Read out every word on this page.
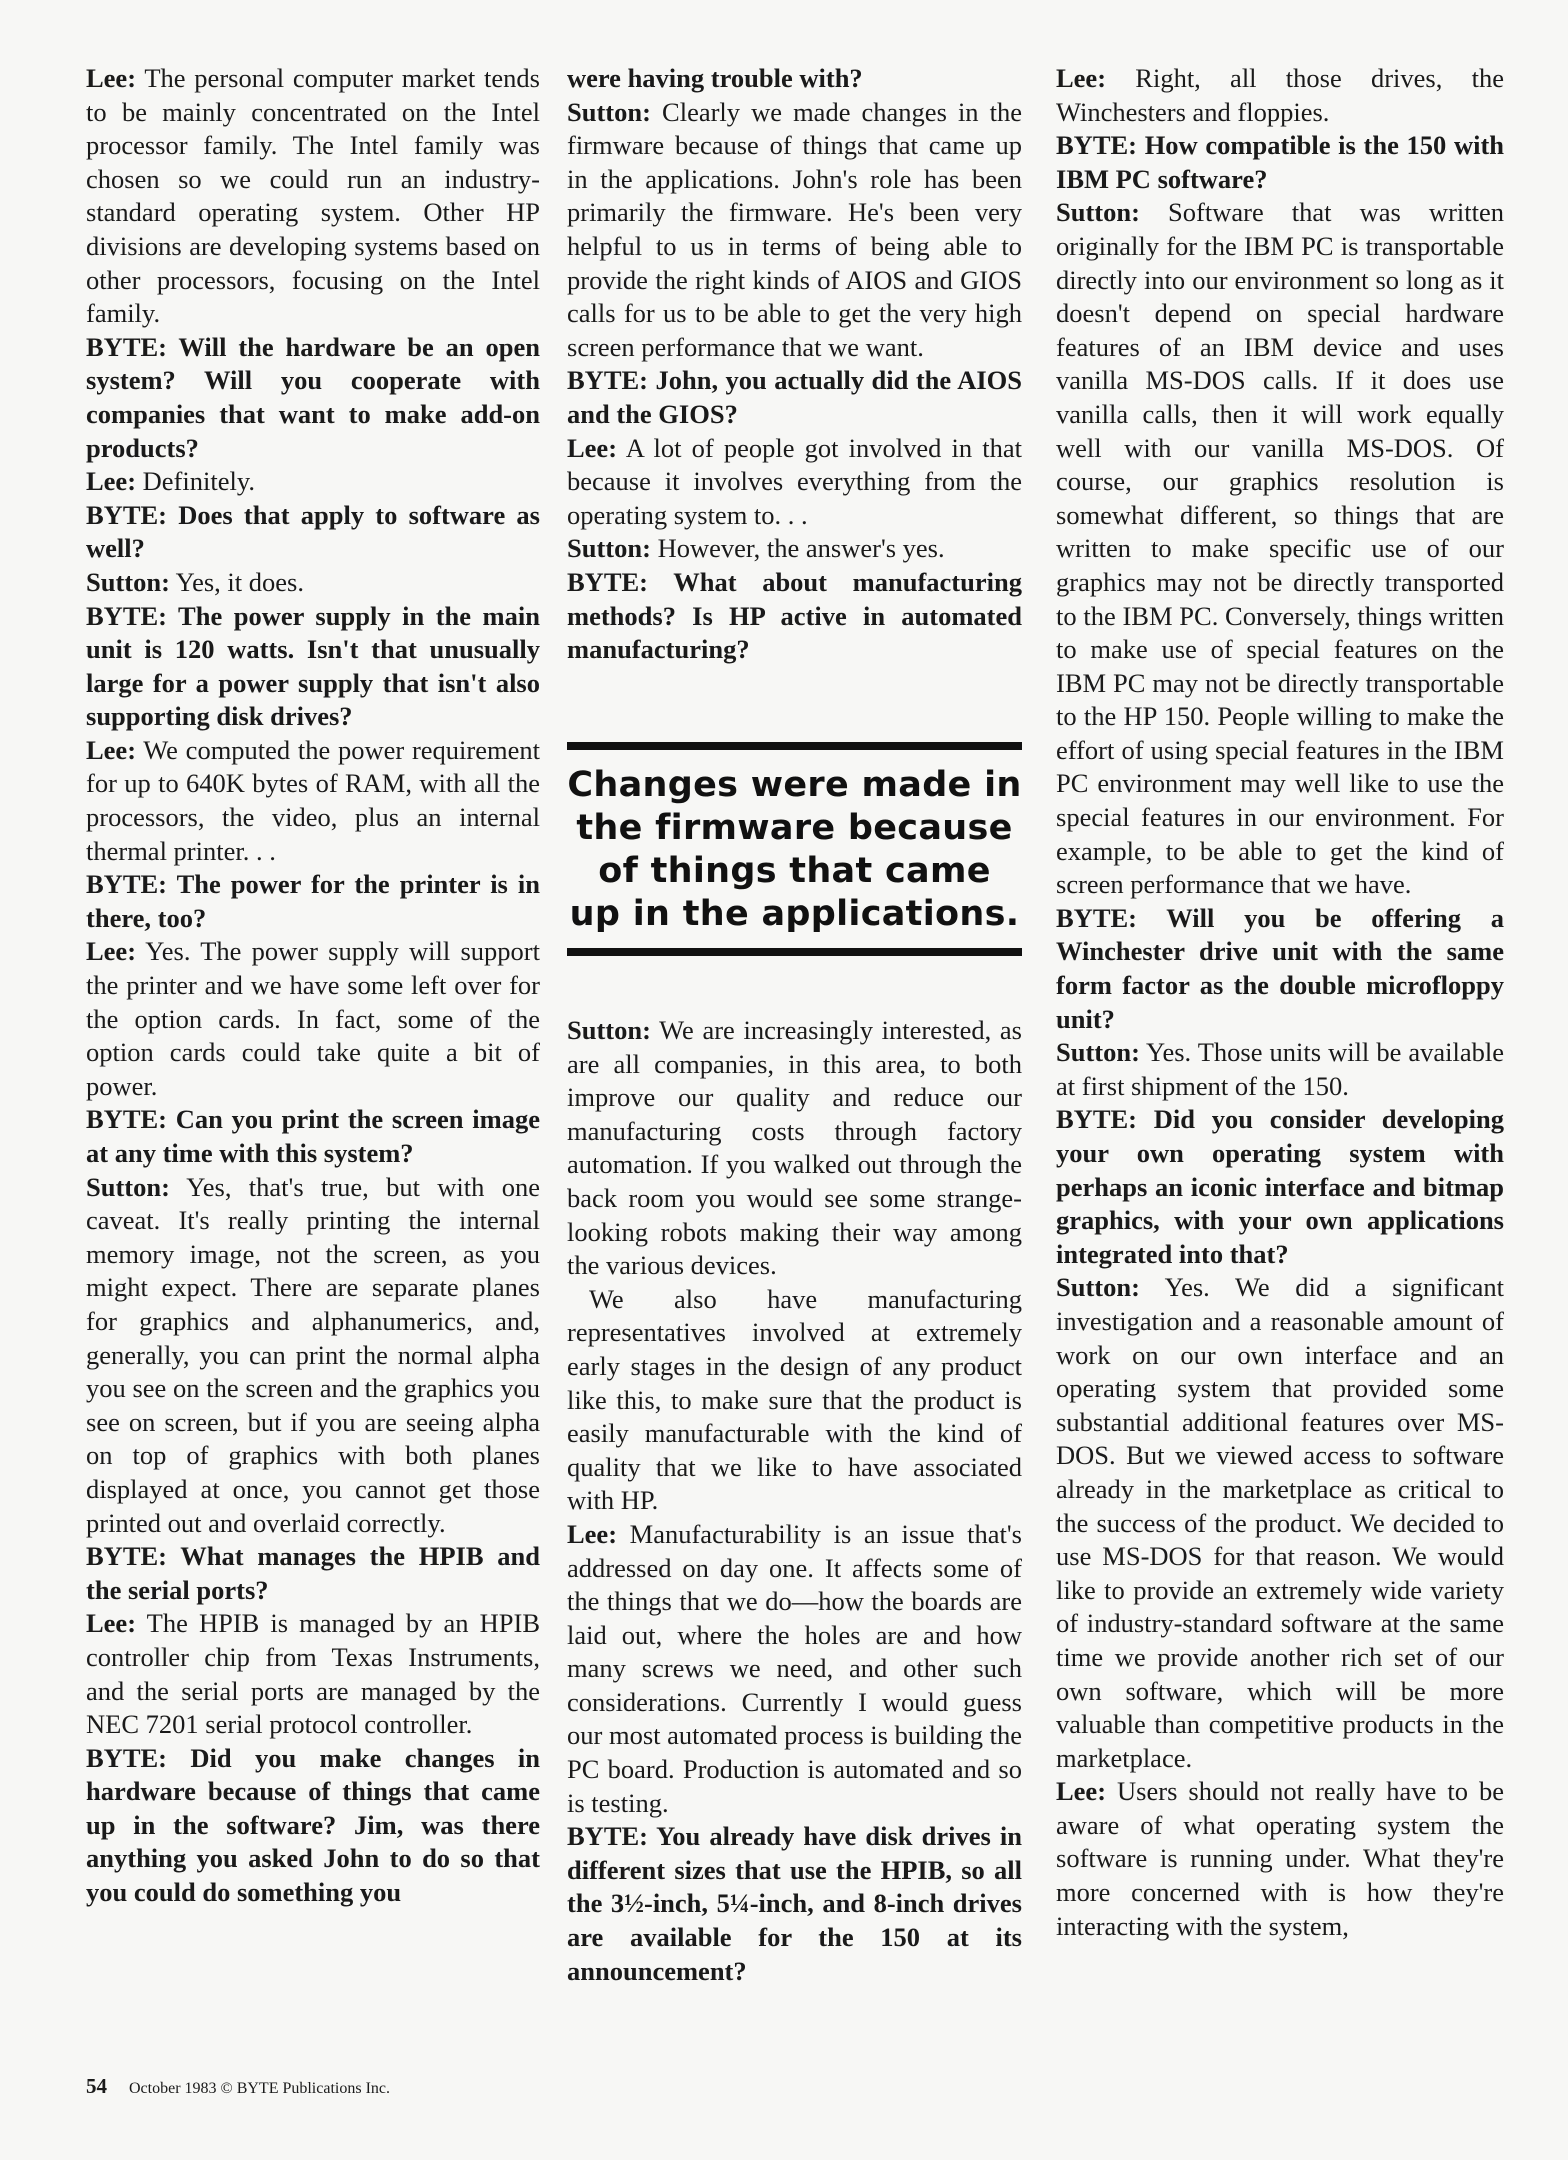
Lee: The personal computer market tends to be mainly concentrated on the Intel processor family. The Intel family was chosen so we could run an industry-standard operating system. Other HP divisions are developing systems based on other processors, focusing on the Intel family.

BYTE: Will the hardware be an open system? Will you cooperate with companies that want to make add-on products?

Lee: Definitely.

BYTE: Does that apply to software as well?

Sutton: Yes, it does.

BYTE: The power supply in the main unit is 120 watts. Isn't that unusually large for a power supply that isn't also supporting disk drives?

Lee: We computed the power requirement for up to 640K bytes of RAM, with all the processors, the video, plus an internal thermal printer. . .

BYTE: The power for the printer is in there, too?

Lee: Yes. The power supply will support the printer and we have some left over for the option cards. In fact, some of the option cards could take quite a bit of power.

BYTE: Can you print the screen image at any time with this system?

Sutton: Yes, that's true, but with one caveat. It's really printing the internal memory image, not the screen, as you might expect. There are separate planes for graphics and alphanumerics, and, generally, you can print the normal alpha you see on the screen and the graphics you see on screen, but if you are seeing alpha on top of graphics with both planes displayed at once, you cannot get those printed out and overlaid correctly.

BYTE: What manages the HPIB and the serial ports?

Lee: The HPIB is managed by an HPIB controller chip from Texas Instruments, and the serial ports are managed by the NEC 7201 serial protocol controller.

BYTE: Did you make changes in hardware because of things that came up in the software? Jim, was there anything you asked John to do so that you could do something you

were having trouble with?

Sutton: Clearly we made changes in the firmware because of things that came up in the applications. John's role has been primarily the firmware. He's been very helpful to us in terms of being able to provide the right kinds of AIOS and GIOS calls for us to be able to get the very high screen performance that we want.

BYTE: John, you actually did the AIOS and the GIOS?

Lee: A lot of people got involved in that because it involves everything from the operating system to. . .

Sutton: However, the answer's yes.

BYTE: What about manufacturing methods? Is HP active in automated manufacturing?

Changes were made in the firmware because of things that came up in the applications.

Sutton: We are increasingly interested, as are all companies, in this area, to both improve our quality and reduce our manufacturing costs through factory automation. If you walked out through the back room you would see some strange-looking robots making their way among the various devices.

We also have manufacturing representatives involved at extremely early stages in the design of any product like this, to make sure that the product is easily manufacturable with the kind of quality that we like to have associated with HP.

Lee: Manufacturability is an issue that's addressed on day one. It affects some of the things that we do—how the boards are laid out, where the holes are and how many screws we need, and other such considerations. Currently I would guess our most automated process is building the PC board. Production is automated and so is testing.

BYTE: You already have disk drives in different sizes that use the HPIB, so all the 3½-inch, 5¼-inch, and 8-inch drives are available for the 150 at its announcement?

Lee: Right, all those drives, the Winchesters and floppies.

BYTE: How compatible is the 150 with IBM PC software?

Sutton: Software that was written originally for the IBM PC is transportable directly into our environment so long as it doesn't depend on special hardware features of an IBM device and uses vanilla MS-DOS calls. If it does use vanilla calls, then it will work equally well with our vanilla MS-DOS. Of course, our graphics resolution is somewhat different, so things that are written to make specific use of our graphics may not be directly transported to the IBM PC. Conversely, things written to make use of special features on the IBM PC may not be directly transportable to the HP 150. People willing to make the effort of using special features in the IBM PC environment may well like to use the special features in our environment. For example, to be able to get the kind of screen performance that we have.

BYTE: Will you be offering a Winchester drive unit with the same form factor as the double microfloppy unit?

Sutton: Yes. Those units will be available at first shipment of the 150.

BYTE: Did you consider developing your own operating system with perhaps an iconic interface and bitmap graphics, with your own applications integrated into that?

Sutton: Yes. We did a significant investigation and a reasonable amount of work on our own interface and an operating system that provided some substantial additional features over MS-DOS. But we viewed access to software already in the marketplace as critical to the success of the product. We decided to use MS-DOS for that reason. We would like to provide an extremely wide variety of industry-standard software at the same time we provide another rich set of our own software, which will be more valuable than competitive products in the marketplace.

Lee: Users should not really have to be aware of what operating system the software is running under. What they're more concerned with is how they're interacting with the system,

54 October 1983 © BYTE Publications Inc.
